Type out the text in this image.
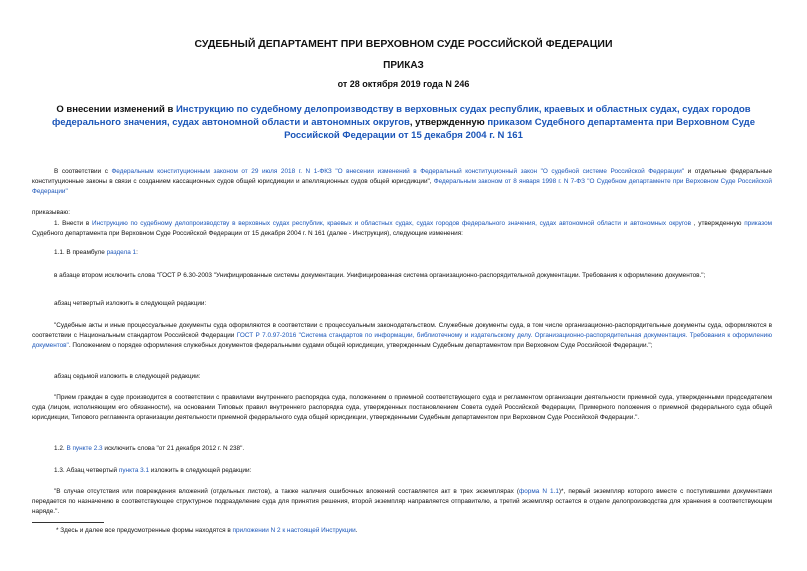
СУДЕБНЫЙ ДЕПАРТАМЕНТ ПРИ ВЕРХОВНОМ СУДЕ РОССИЙСКОЙ ФЕДЕРАЦИИ
ПРИКАЗ
от 28 октября 2019 года N 246
О внесении изменений в Инструкцию по судебному делопроизводству в верховных судах республик, краевых и областных судах, судах городов федерального значения, судах автономной области и автономных округов, утвержденную приказом Судебного департамента при Верховном Суде Российской Федерации от 15 декабря 2004 г. N 161
В соответствии с Федеральным конституционным законом от 29 июля 2018 г. N 1-ФКЗ "О внесении изменений в Федеральный конституционный закон "О судебной системе Российской Федерации" и отдельные федеральные конституционные законы в связи с созданием кассационных судов общей юрисдикции и апелляционных судов общей юрисдикции", Федеральным законом от 8 января 1998 г. N 7-ФЗ "О Судебном департаменте при Верховном Суде Российской Федерации"
приказываю:
1. Внести в Инструкцию по судебному делопроизводству в верховных судах республик, краевых и областных судах, судах городов федерального значения, судах автономной области и автономных округов , утвержденную приказом Судебного департамента при Верховном Суде Российской Федерации от 15 декабря 2004 г. N 161 (далее - Инструкция), следующие изменения:
1.1. В преамбуле раздела 1:
в абзаце втором исключить слова "ГОСТ Р 6.30-2003 "Унифицированные системы документации. Унифицированная система организационно-распорядительной документации. Требования к оформлению документов.";
абзац четвертый изложить в следующей редакции:
"Судебные акты и иные процессуальные документы суда оформляются в соответствии с процессуальным законодательством. Служебные документы суда, в том числе организационно-распорядительные документы суда, оформляются в соответствии с Национальным стандартом Российской Федерации ГОСТ Р 7.0.97-2016 "Система стандартов по информации, библиотечному и издательскому делу. Организационно-распорядительная документация. Требования к оформлению документов". Положением о порядке оформления служебных документов федеральными судами общей юрисдикции, утвержденным Судебным департаментом при Верховном Суде Российской Федерации.";
абзац седьмой изложить в следующей редакции:
"Прием граждан в суде производится в соответствии с правилами внутреннего распорядка суда, положением о приемной соответствующего суда и регламентом организации деятельности приемной суда, утвержденными председателем суда (лицом, исполняющим его обязанности), на основании Типовых правил внутреннего распорядка суда, утвержденных постановлением Совета судей Российской Федерации, Примерного положения о приемной федерального суда общей юрисдикции, Типового регламента организации деятельности приемной федерального суда общей юрисдикции, утвержденными Судебным департаментом при Верховном Суде Российской Федерации.".
1.2. В пункте 2.3 исключить слова "от 21 декабря 2012 г. N 238".
1.3. Абзац четвертый пункта 3.1 изложить в следующей редакции:
"В случае отсутствия или повреждения вложений (отдельных листов), а также наличия ошибочных вложений составляется акт в трех экземплярах (форма N 1.1)*, первый экземпляр которого вместе с поступившими документами передается по назначению в соответствующее структурное подразделение суда для принятия решения, второй экземпляр направляется отправителю, а третий экземпляр остается в отделе делопроизводства для хранения в соответствующем наряде.".
* Здесь и далее все предусмотренные формы находятся в приложении N 2 к настоящей Инструкции.
